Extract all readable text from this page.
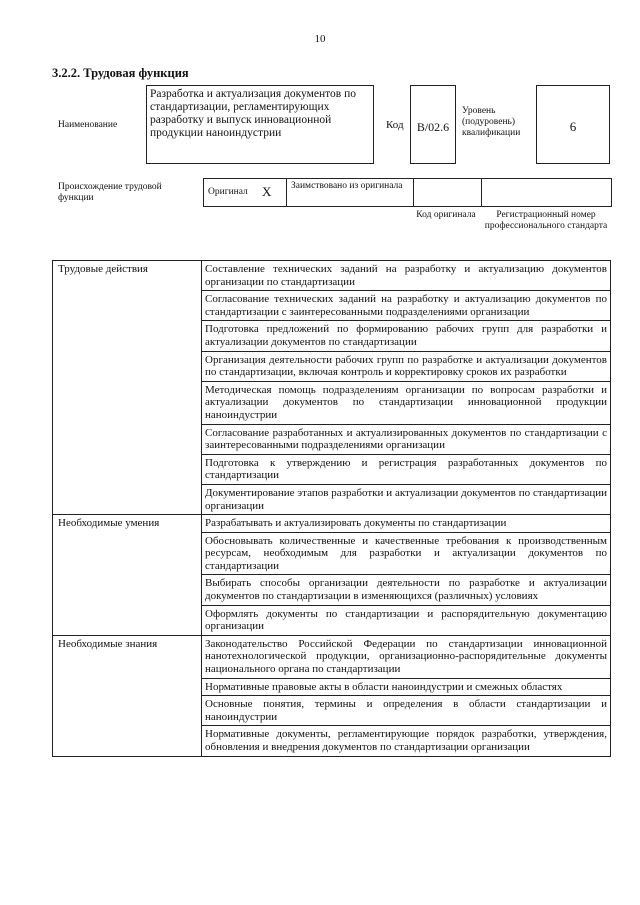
10
3.2.2. Трудовая функция
Наименование
Разработка и актуализация документов по стандартизации, регламентирующих разработку и выпуск инновационной продукции наноиндустрии
Код	B/02.6
Уровень (подуровень) квалификации	6
Происхождение трудовой функции
Оригинал X Заимствовано из оригинала
Код оригинала	Регистрационный номер профессионального стандарта
Трудовые действия	Составление технических заданий на разработку и актуализацию документов организации по стандартизации
	Согласование технических заданий на разработку и актуализацию документов по стандартизации с заинтересованными подразделениями организации
	Подготовка предложений по формированию рабочих групп для разработки и актуализации документов по стандартизации
	Организация деятельности рабочих групп по разработке и актуализации документов по стандартизации, включая контроль и корректировку сроков их разработки
	Методическая помощь подразделениям организации по вопросам разработки и актуализации документов по стандартизации инновационной продукции наноиндустрии
	Согласование разработанных и актуализированных документов по стандартизации с заинтересованными подразделениями организации
	Подготовка к утверждению и регистрация разработанных документов по стандартизации
	Документирование этапов разработки и актуализации документов по стандартизации организации
Необходимые умения	Разрабатывать и актуализировать документы по стандартизации
	Обосновывать количественные и качественные требования к производственным ресурсам, необходимым для разработки и актуализации документов по стандартизации
	Выбирать способы организации деятельности по разработке и актуализации документов по стандартизации в изменяющихся (различных) условиях
	Оформлять документы по стандартизации и распорядительную документацию организации
Необходимые знания	Законодательство Российской Федерации по стандартизации инновационной нанотехнологической продукции, организационно-распорядительные документы национального органа по стандартизации
	Нормативные правовые акты в области наноиндустрии и смежных областях
	Основные понятия, термины и определения в области стандартизации и наноиндустрии
	Нормативные документы, регламентирующие порядок разработки, утверждения, обновления и внедрения документов по стандартизации организации
